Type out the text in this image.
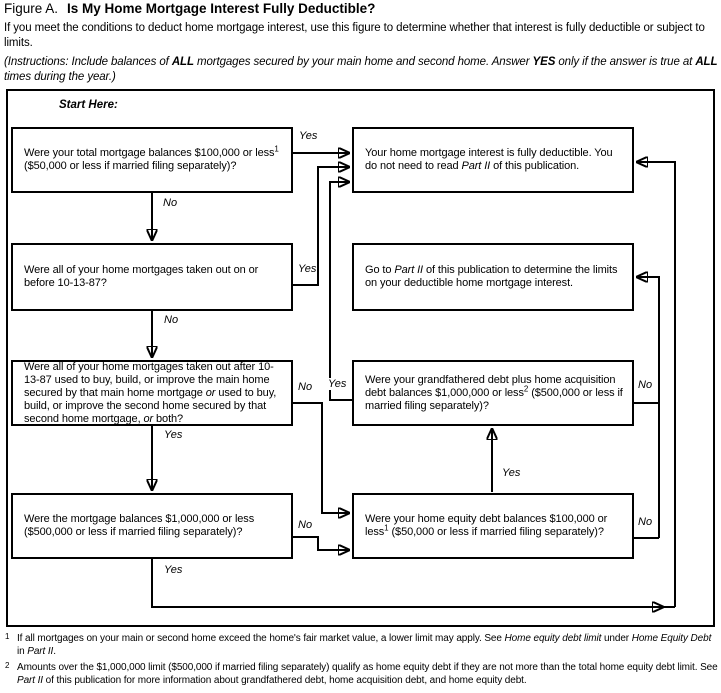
Figure A. Is My Home Mortgage Interest Fully Deductible?
If you meet the conditions to deduct home mortgage interest, use this figure to determine whether that interest is fully deductible or subject to limits.
(Instructions: Include balances of ALL mortgages secured by your main home and second home. Answer YES only if the answer is true at ALL times during the year.)
Start Here:
Were your total mortgage balances $100,000 or less$^1$ ($50,000 or less if married filing separately)?
Your home mortgage interest is fully deductible. You do not need to read Part II of this publication.
Were all of your home mortgages taken out on or before 10-13-87?
Go to Part II of this publication to determine the limits on your deductible home mortgage interest.
Were all of your home mortgages taken out after 10-13-87 used to buy, build, or improve the main home secured by that main home mortgage or used to buy, build, or improve the second home secured by that second home mortgage, or both?
Were your grandfathered debt plus home acquisition debt balances $1,000,000 or less$^2$ ($500,000 or less if married filing separately)?
Were the mortgage balances $1,000,000 or less ($500,000 or less if married filing separately)?
Were your home equity debt balances $100,000 or less$^1$ ($50,000 or less if married filing separately)?
Yes
No
Yes
No
No Yes
Yes
No
Yes
Yes
No
No
1 If all mortgages on your main or second home exceed the home's fair market value, a lower limit may apply. See Home equity debt limit under Home Equity Debt in Part II.
2 Amounts over the $1,000,000 limit ($500,000 if married filing separately) qualify as home equity debt if they are not more than the total home equity debt limit. See Part II of this publication for more information about grandfathered debt, home acquisition debt, and home equity debt.
